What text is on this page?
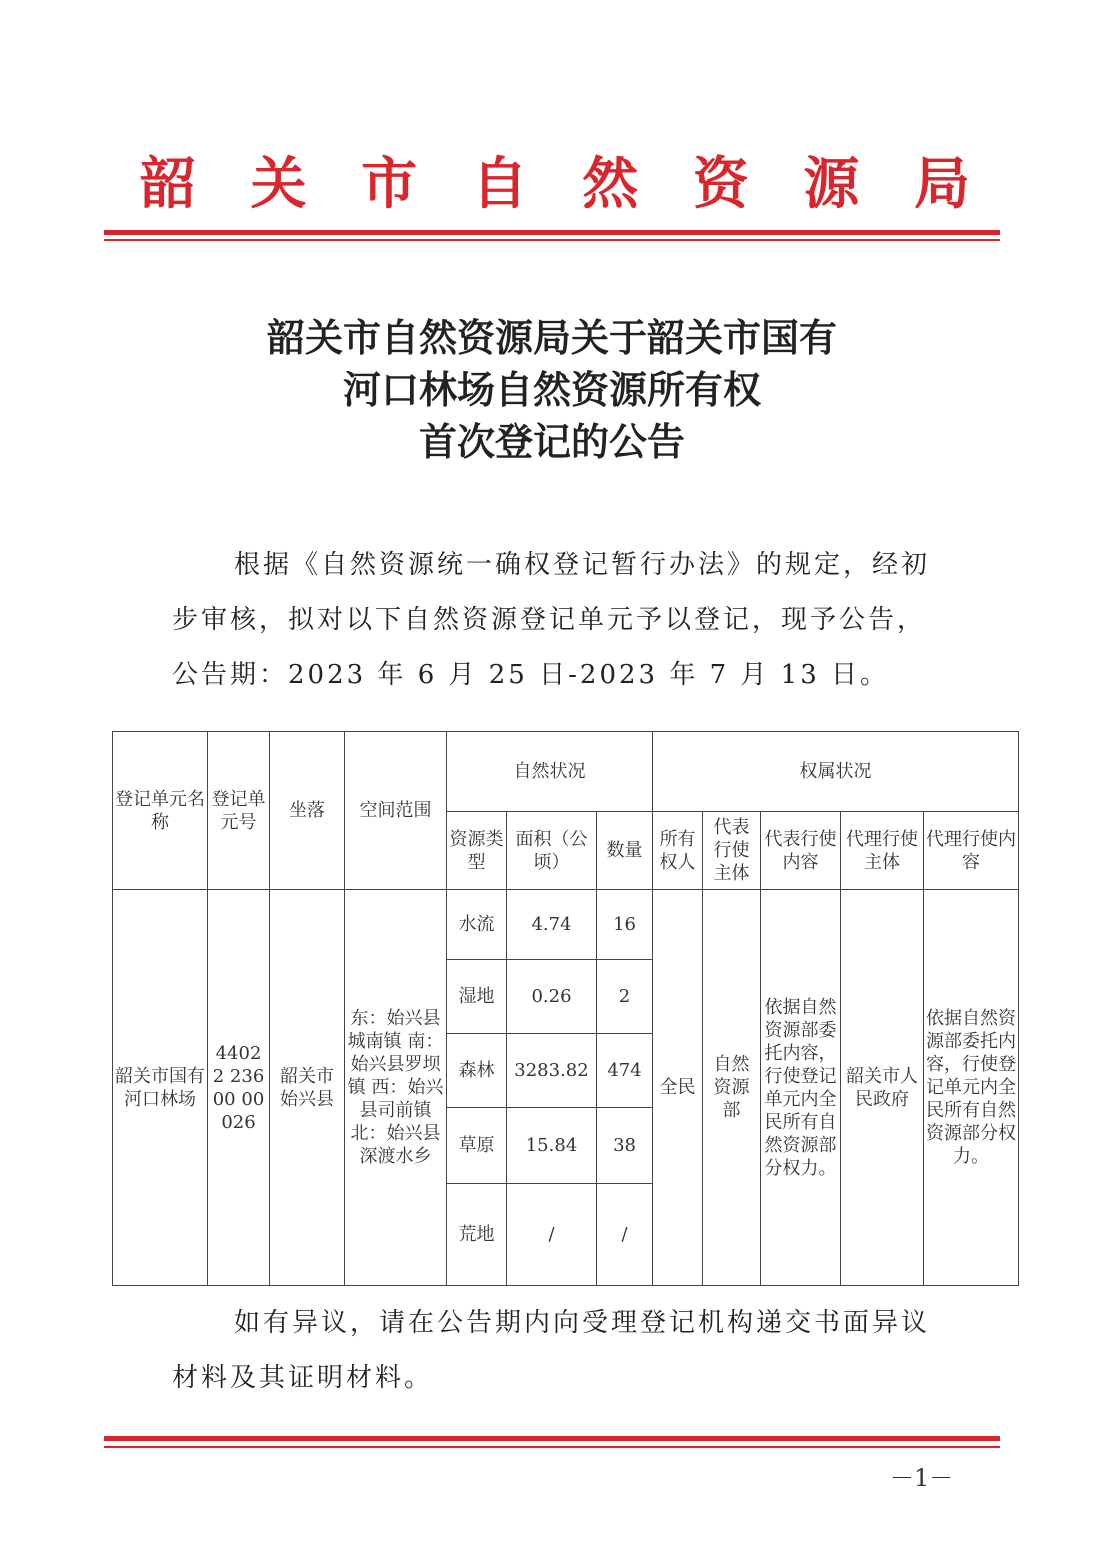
韶 关 市 自 然 资 源 局
韶关市自然资源局关于韶关市国有
河口林场自然资源所有权
首次登记的公告
根据《自然资源统一确权登记暂行办法》的规定，经初
步审核，拟对以下自然资源登记单元予以登记，现予公告，
公告期：2023 年 6 月 25 日-2023 年 7 月 13 日。
登记单元名称	登记单元号	坐落	空间范围	自然状况			权属状况				
				资源类型	面积（公顷）	数量	所有权人	代表行使主体	代表行使内容	代理行使主体	代理行使内容
韶关市国有河口林场	44022 23600 00026	韶关市始兴县	东：始兴县城南镇 南：始兴县罗坝镇 西：始兴县司前镇 北：始兴县深渡水乡	水流	4.74	16	全民	自然资源部	依据自然资源部委托内容，行使登记单元内全民所有自然资源部分权力。	韶关市人民政府	依据自然资源部委托内容，行使登记单元内全民所有自然资源部分权力。
				湿地	0.26	2					
				森林	3283.82	474					
				草原	15.84	38					
				荒地	/	/					
如有异议，请在公告期内向受理登记机构递交书面异议
材料及其证明材料。
－1－
